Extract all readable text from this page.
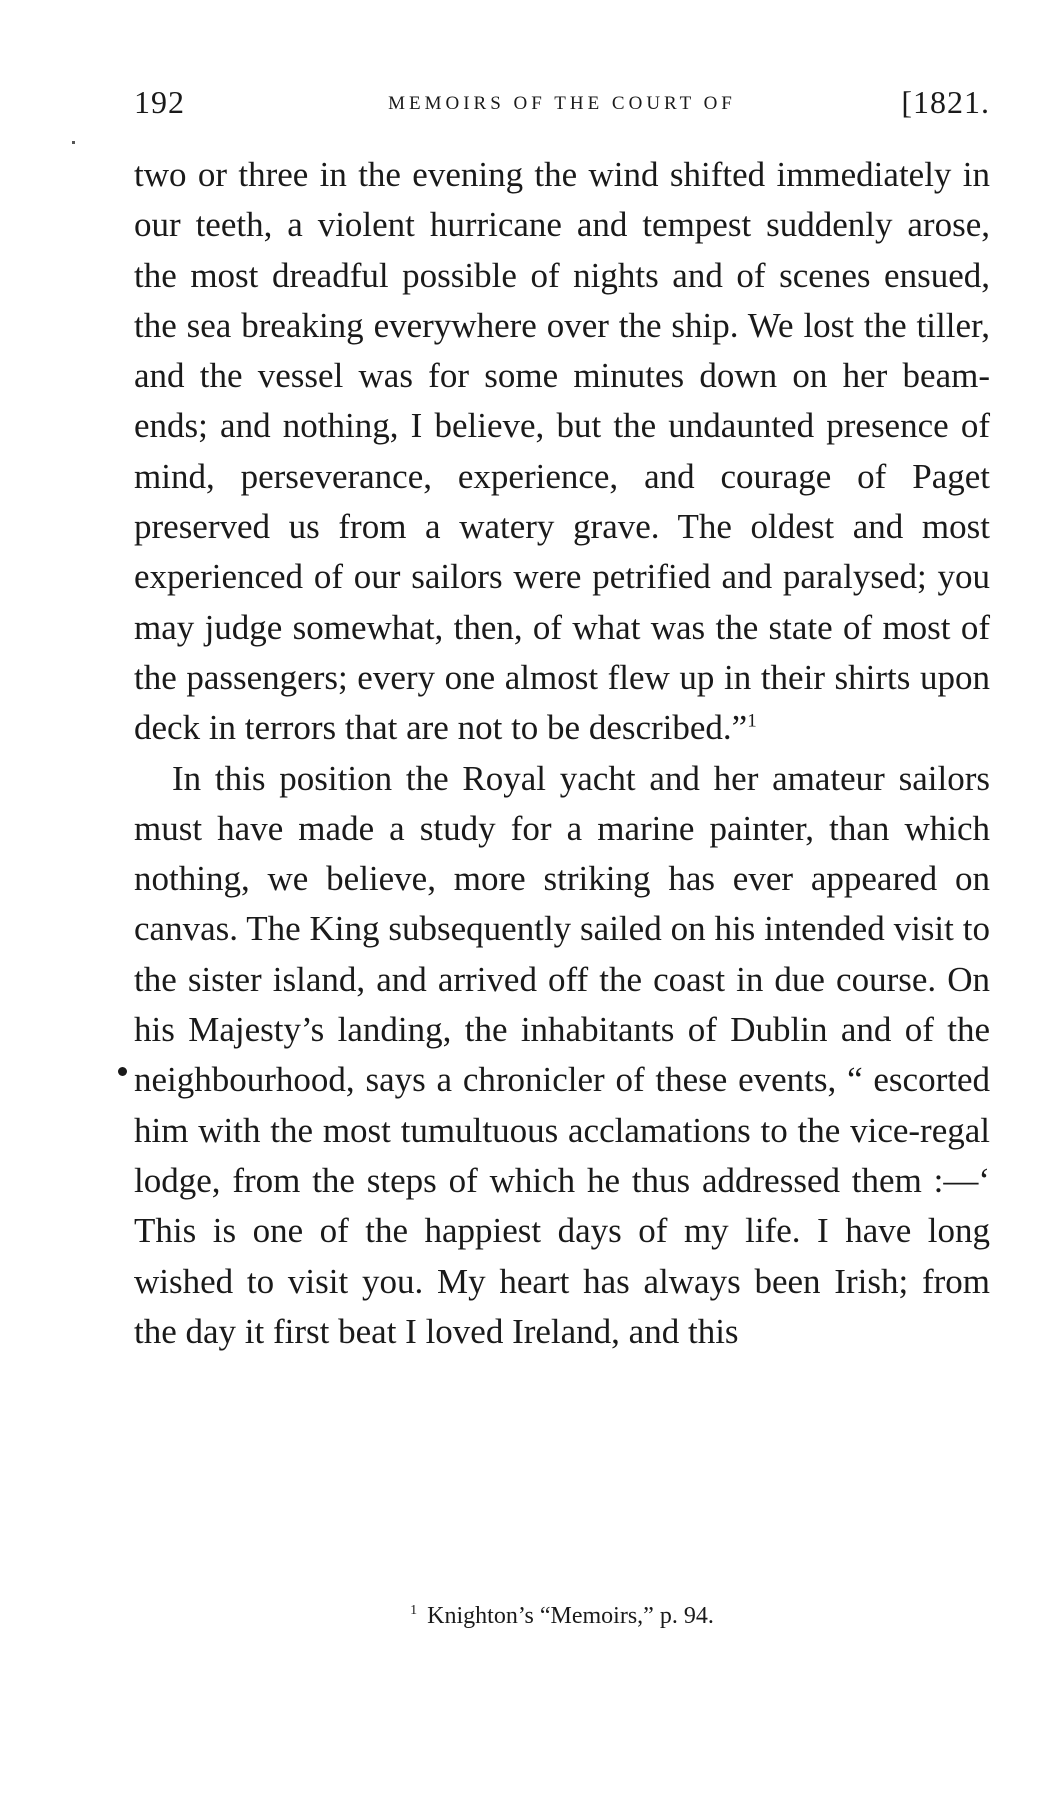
192	MEMOIRS OF THE COURT OF	[1821.

two or three in the evening the wind shifted immediately in our teeth, a violent hurricane and tempest suddenly arose, the most dreadful possible of nights and of scenes ensued, the sea breaking everywhere over the ship. We lost the tiller, and the vessel was for some minutes down on her beam-ends; and nothing, I believe, but the undaunted presence of mind, perseverance, experience, and courage of Paget preserved us from a watery grave. The oldest and most experienced of our sailors were petrified and paralysed; you may judge somewhat, then, of what was the state of most of the passengers; every one almost flew up in their shirts upon deck in terrors that are not to be described.”$^1$

In this position the Royal yacht and her amateur sailors must have made a study for a marine painter, than which nothing, we believe, more striking has ever appeared on canvas. The King subsequently sailed on his intended visit to the sister island, and arrived off the coast in due course. On his Majesty’s landing, the inhabitants of Dublin and of the neighbourhood, says a chronicler of these events, “ escorted him with the most tumultuous acclamations to the vice-regal lodge, from the steps of which he thus addressed them :—‘ This is one of the happiest days of my life. I have long wished to visit you. My heart has always been Irish; from the day it first beat I loved Ireland, and this

$^1$ Knighton’s “Memoirs,” p. 94.
